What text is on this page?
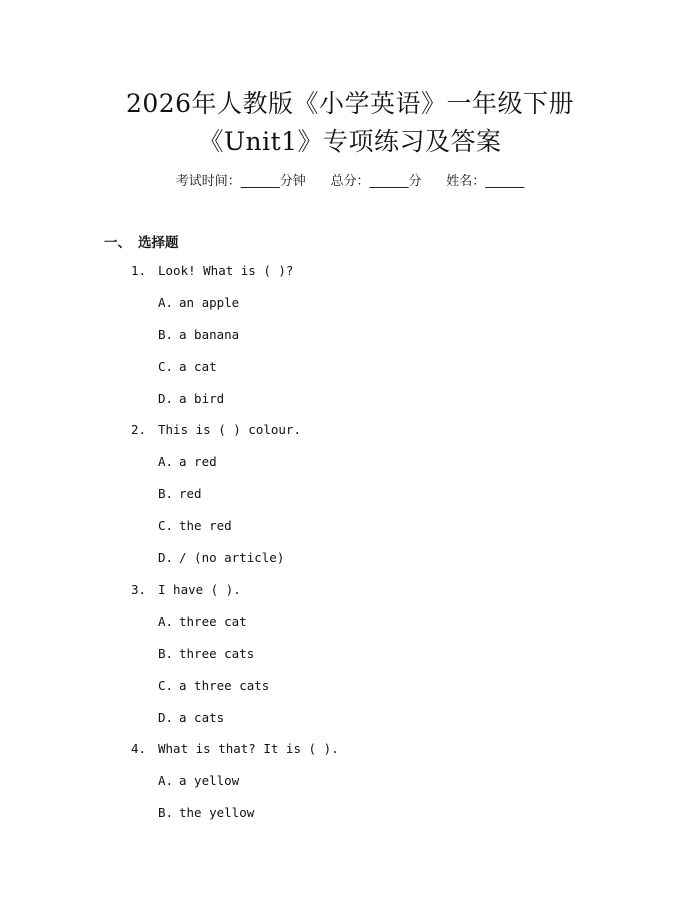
2026年人教版《小学英语》一年级下册
《Unit1》专项练习及答案
考试时间：______分钟      总分：______分      姓名：______
一、 选择题
1. Look! What is ( )?
A. an apple
B. a banana
C. a cat
D. a bird
2. This is ( ) colour.
A. a red
B. red
C. the red
D. / (no article)
3. I have ( ).
A. three cat
B. three cats
C. a three cats
D. a cats
4. What is that? It is ( ).
A. a yellow
B. the yellow
